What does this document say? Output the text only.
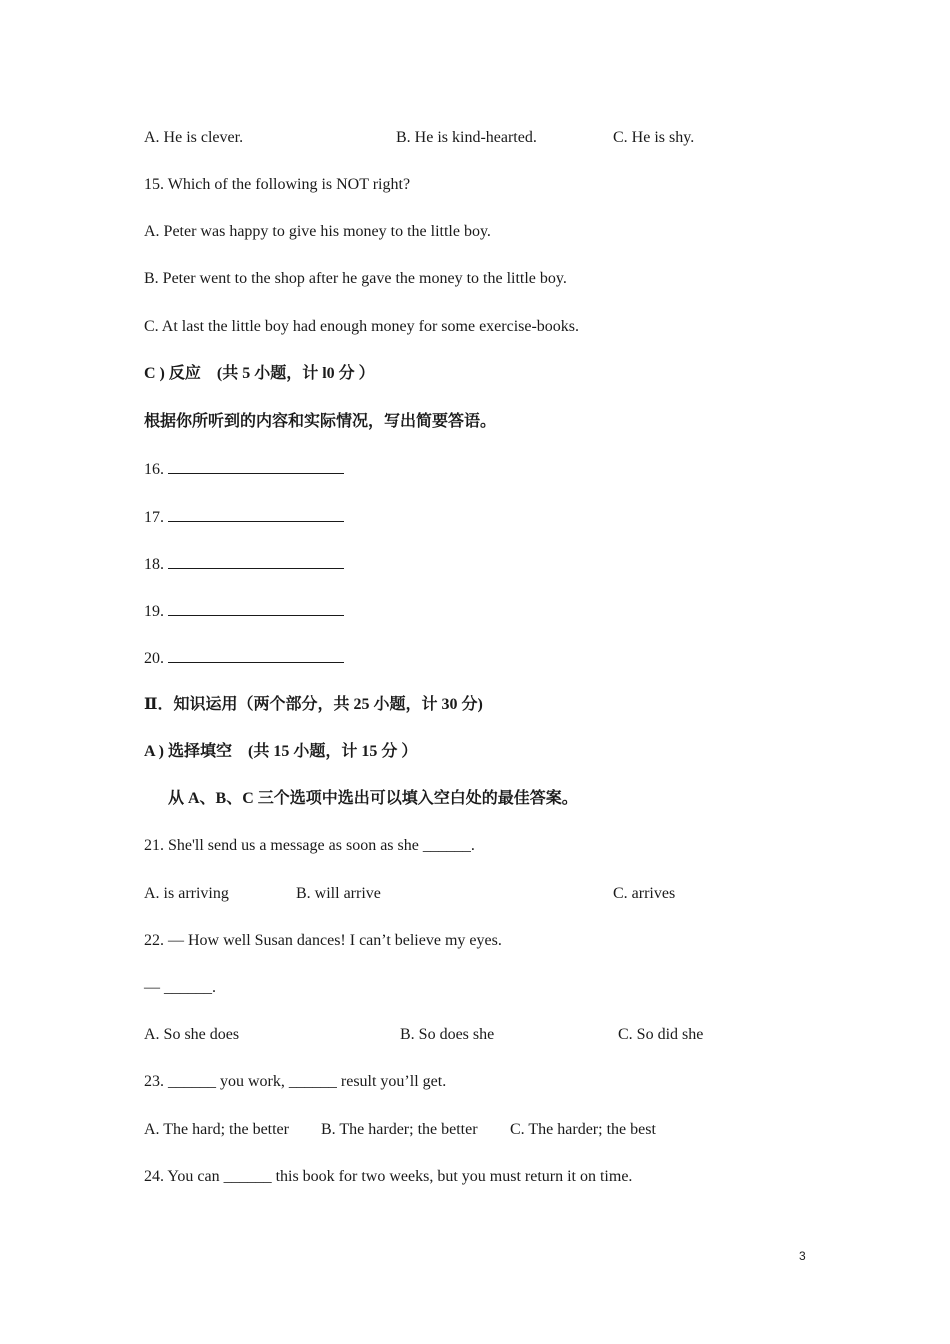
A. He is clever.	B. He is kind-hearted.	C. He is shy.
15. Which of the following is NOT right?
A. Peter was happy to give his money to the little boy.
B. Peter went to the shop after he gave the money to the little boy.
C. At last the little boy had enough money for some exercise-books.
C ) 反应　(共 5 小题，计 l0 分 ）
根据你所听到的内容和实际情况，写出简要答语。
16.
17.
18.
19.
20.
Ⅱ．知识运用（两个部分，共 25 小题，计 30 分)
A ) 选择填空　(共 15 小题，计 15 分 ）
从 A、B、C 三个选项中选出可以填入空白处的最佳答案。
21. She'll send us a message as soon as she ______.
A. is arriving	B. will arrive	C. arrives
22. — How well Susan dances! I can’t believe my eyes.
— ______.
A. So she does	B. So does she	C. So did she
23. ______ you work, ______ result you’ll get.
A. The hard; the better B. The harder; the better C. The harder; the best
24. You can ______ this book for two weeks, but you must return it on time.
3
